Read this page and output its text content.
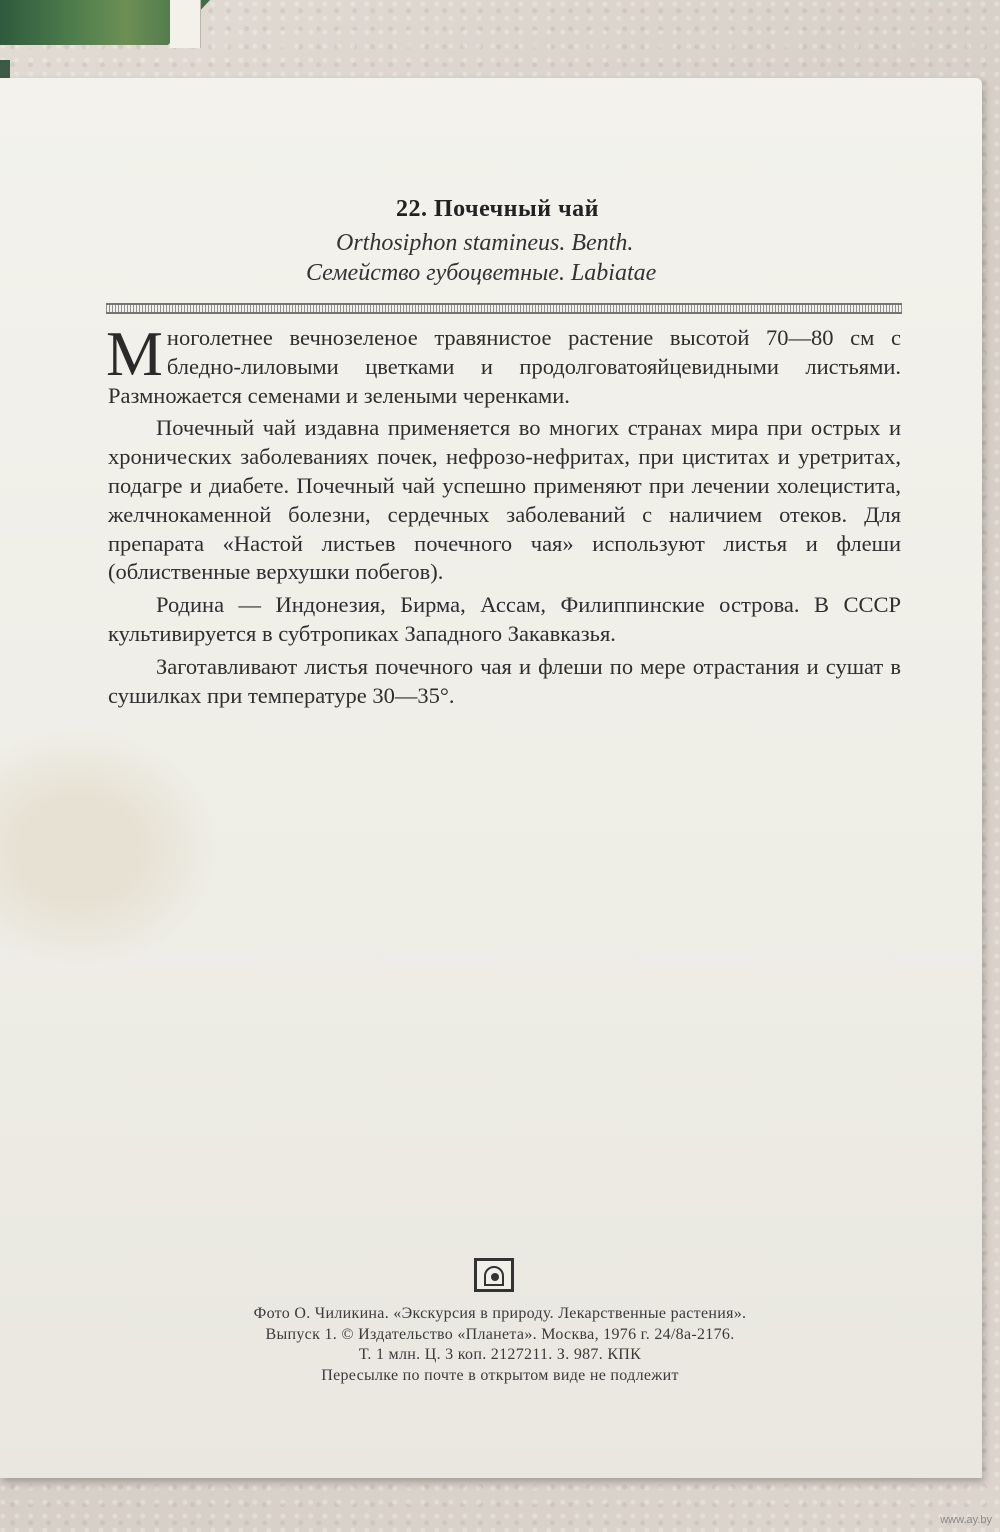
22. Почечный чай
Orthosiphon stamineus. Benth.
Семейство губоцветные. Labiatae

Многолетнее вечнозеленое травянистое растение высотой 70—80 см с бледно-лиловыми цветками и продолговатояйцевидными листьями. Размножается семенами и зелеными черенками.

Почечный чай издавна применяется во многих странах мира при острых и хронических заболеваниях почек, нефрозо-нефритах, при циститах и уретритах, подагре и диабете. Почечный чай успешно применяют при лечении холецистита, желчнокаменной болезни, сердечных заболеваний с наличием отеков. Для препарата «Настой листьев почечного чая» используют листья и флеши (облиственные верхушки побегов).

Родина — Индонезия, Бирма, Ассам, Филиппинские острова. В СССР культивируется в субтропиках Западного Закавказья.

Заготавливают листья почечного чая и флеши по мере отрастания и сушат в сушилках при температуре 30—35°.

Фото О. Чиликина. «Экскурсия в природу. Лекарственные растения».
Выпуск 1. © Издательство «Планета». Москва, 1976 г. 24/8а-2176.
Т. 1 млн. Ц. 3 коп. 2127211. З. 987. КПК
Пересылке по почте в открытом виде не подлежит
www.ay.by
